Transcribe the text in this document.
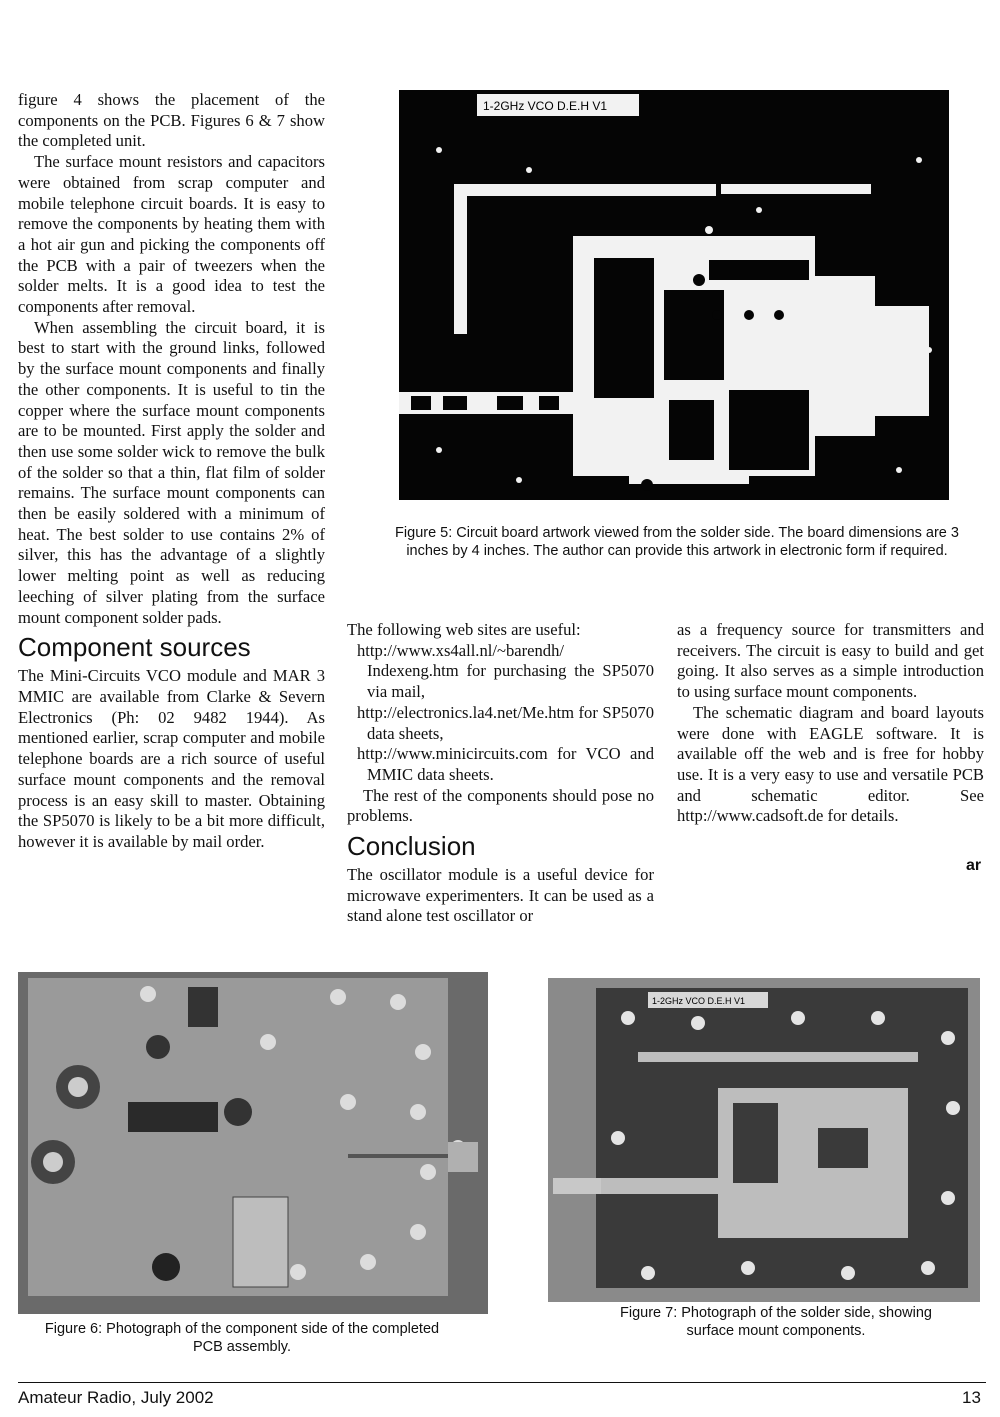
figure 4 shows the placement of the components on the PCB. Figures 6 & 7 show the completed unit.

The surface mount resistors and capacitors were obtained from scrap computer and mobile telephone circuit boards. It is easy to remove the components by heating them with a hot air gun and picking the components off the PCB with a pair of tweezers when the solder melts. It is a good idea to test the components after removal.

When assembling the circuit board, it is best to start with the ground links, followed by the surface mount components and finally the other components. It is useful to tin the copper where the surface mount components are to be mounted. First apply the solder and then use some solder wick to remove the bulk of the solder so that a thin, flat film of solder remains. The surface mount components can then be easily soldered with a minimum of heat. The best solder to use contains 2% of silver, this has the advantage of a slightly lower melting point as well as reducing leeching of silver plating from the surface mount component solder pads.

Component sources

The Mini-Circuits VCO module and MAR 3 MMIC are available from Clarke & Severn Electronics (Ph: 02 9482 1944). As mentioned earlier, scrap computer and mobile telephone boards are a rich source of useful surface mount components and the removal process is an easy skill to master. Obtaining the SP5070 is likely to be a bit more difficult, however it is available by mail order.

1-2GHz VCO D.E.H V1
Figure 5: Circuit board artwork viewed from the solder side. The board dimensions are 3 inches by 4 inches. The author can provide this artwork in electronic form if required.

The following web sites are useful:

http://www.xs4all.nl/~barendh/ Indexeng.htm for purchasing the SP5070 via mail,

http://electronics.la4.net/Me.htm for SP5070 data sheets,

http://www.minicircuits.com for VCO and MMIC data sheets.

The rest of the components should pose no problems.

Conclusion

The oscillator module is a useful device for microwave experimenters. It can be used as a stand alone test oscillator or

as a frequency source for transmitters and receivers. The circuit is easy to build and get going. It also serves as a simple introduction to using surface mount components.

The schematic diagram and board layouts were done with EAGLE software. It is available off the web and is free for hobby use. It is a very easy to use and versatile PCB and schematic editor. See http://www.cadsoft.de for details.

ar
Figure 6: Photograph of the component side of the completed PCB assembly.
1-2GHz VCO D.E.H V1
Figure 7: Photograph of the solder side, showing surface mount components.
Amateur Radio, July 2002	13
